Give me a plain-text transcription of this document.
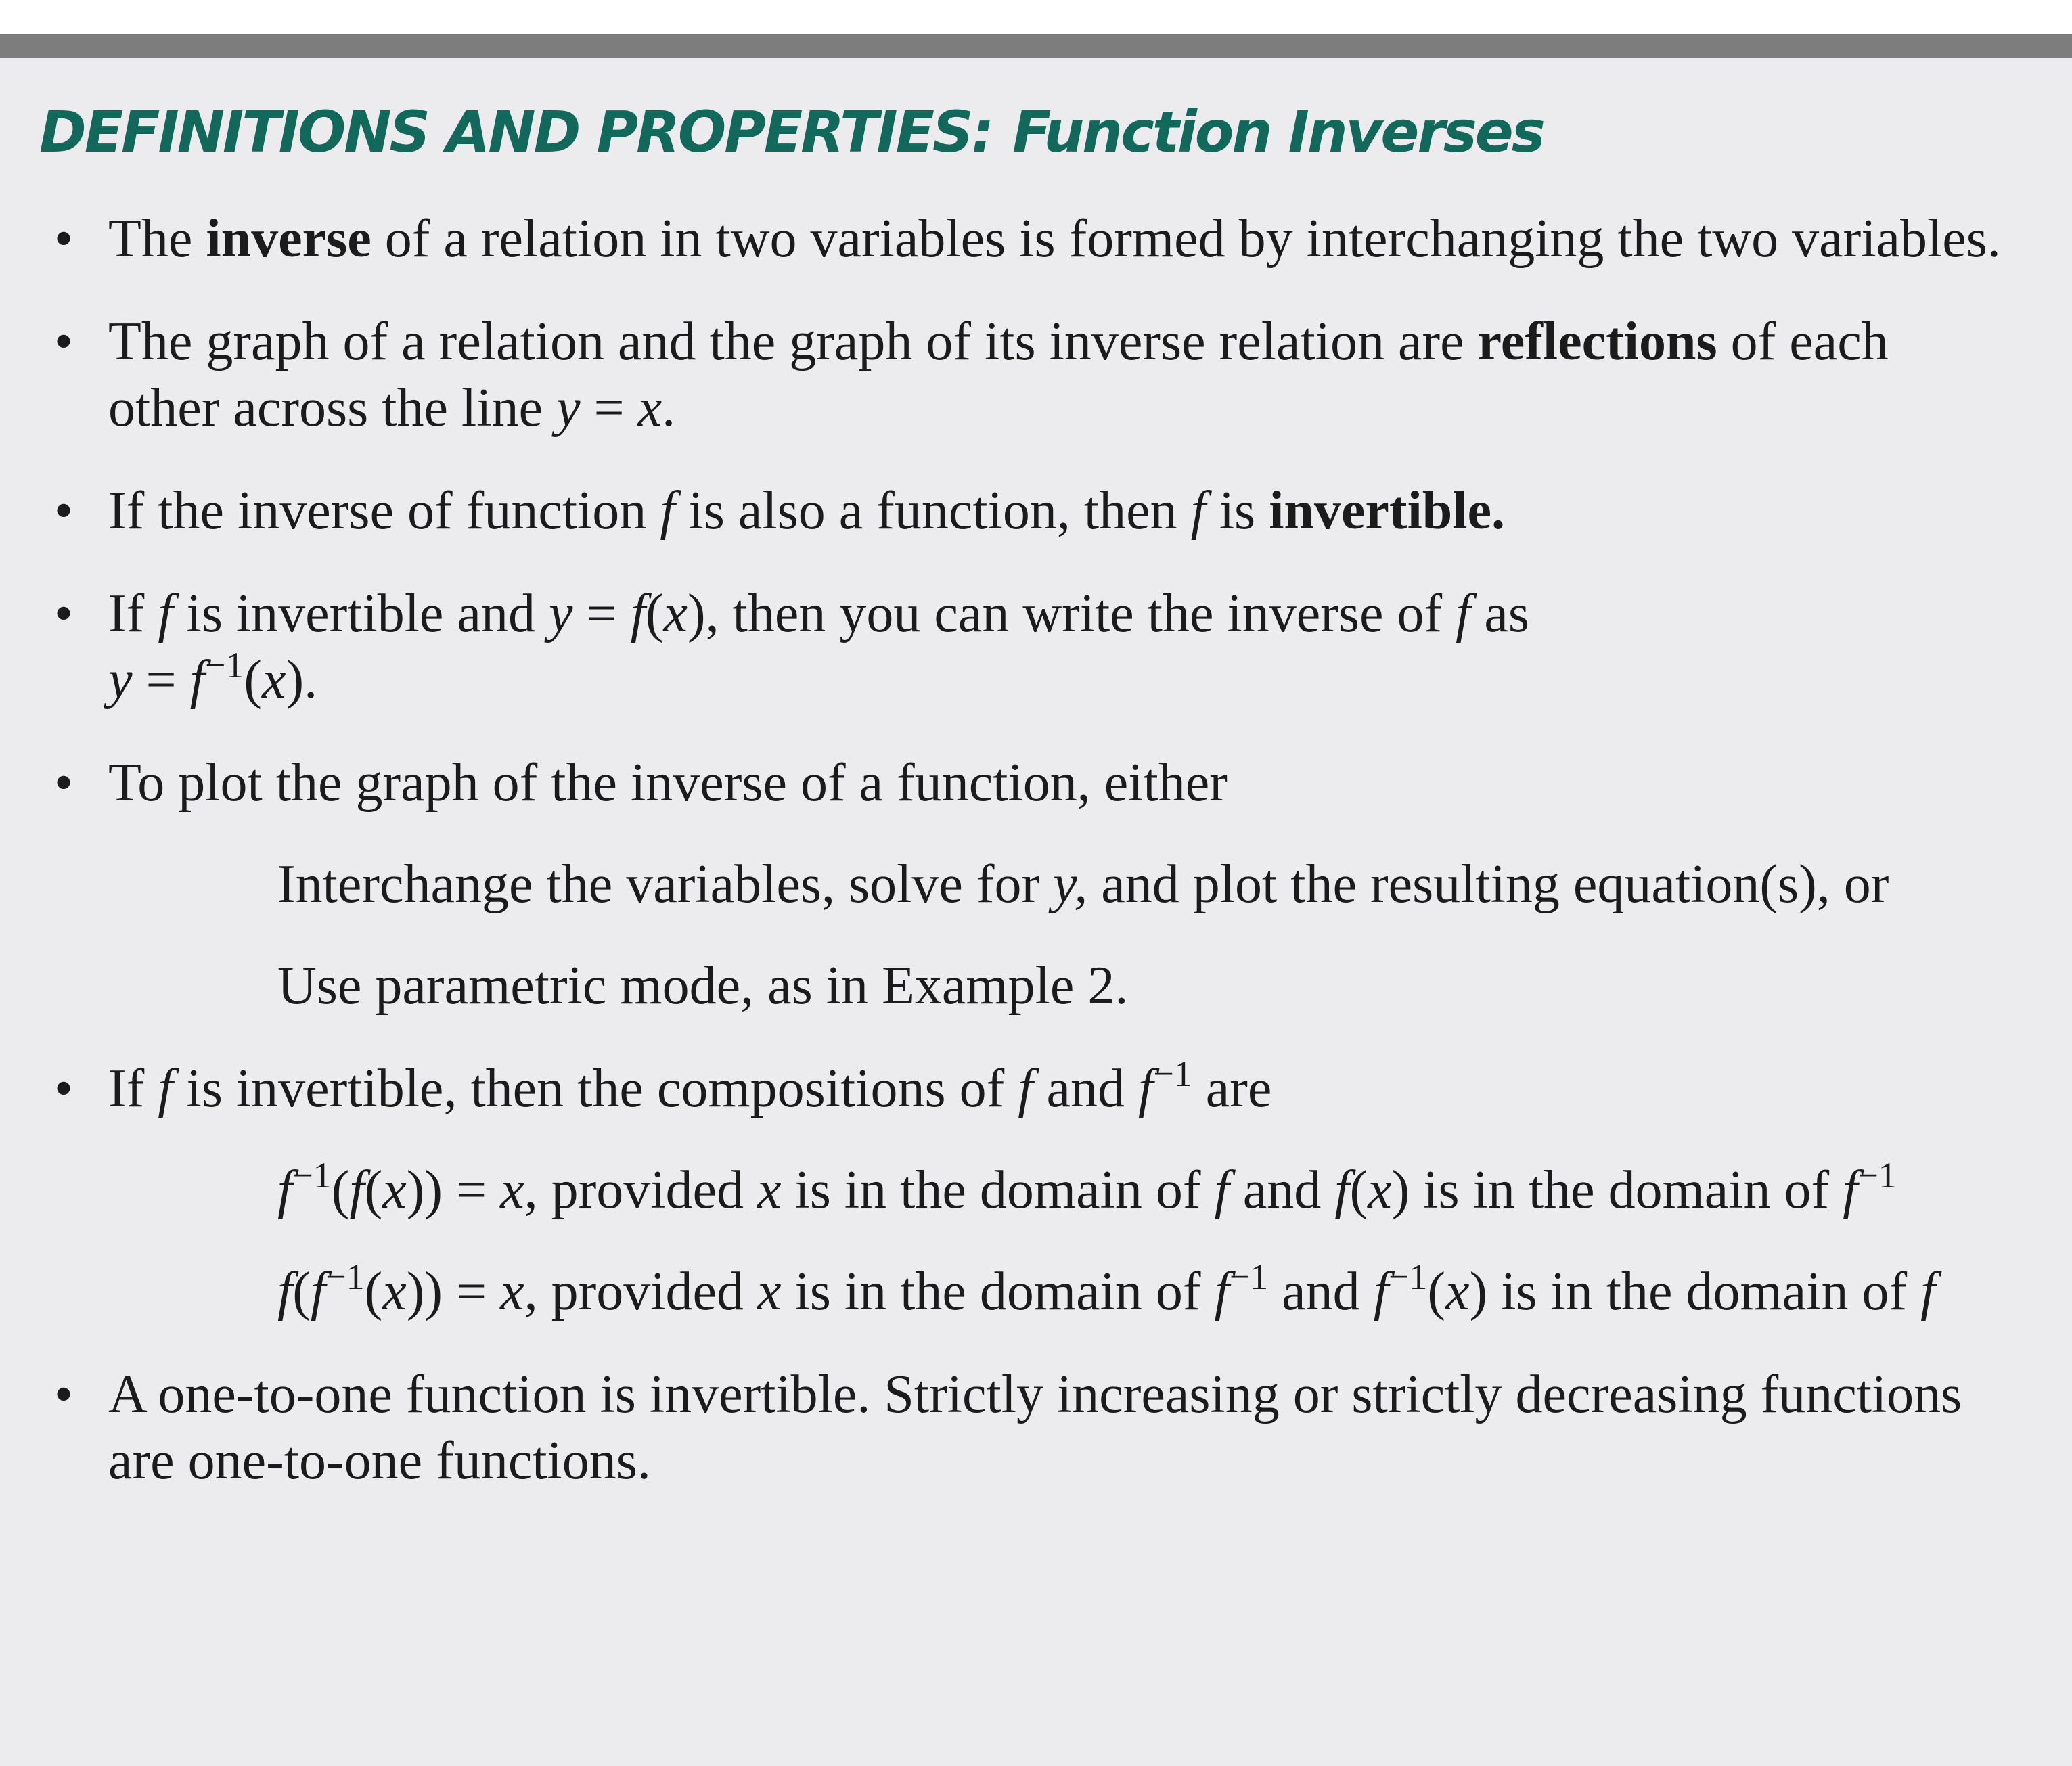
DEFINITIONS AND PROPERTIES: Function Inverses
• The inverse of a relation in two variables is formed by interchanging the two variables.
• The graph of a relation and the graph of its inverse relation are reflections of each other across the line y = x.
• If the inverse of function f is also a function, then f is invertible.
• If f is invertible and y = f(x), then you can write the inverse of f as
$y = f^{-1}(x)$.
• To plot the graph of the inverse of a function, either
Interchange the variables, solve for y, and plot the resulting equation(s), or
Use parametric mode, as in Example 2.
• If f is invertible, then the compositions of f and $f^{-1}$ are
$f^{-1}(f(x)) = x$, provided x is in the domain of f and f(x) is in the domain of $f^{-1}$
$f(f^{-1}(x)) = x$, provided x is in the domain of $f^{-1}$ and $f^{-1}(x)$ is in the domain of f
• A one-to-one function is invertible. Strictly increasing or strictly decreasing functions are one-to-one functions.
